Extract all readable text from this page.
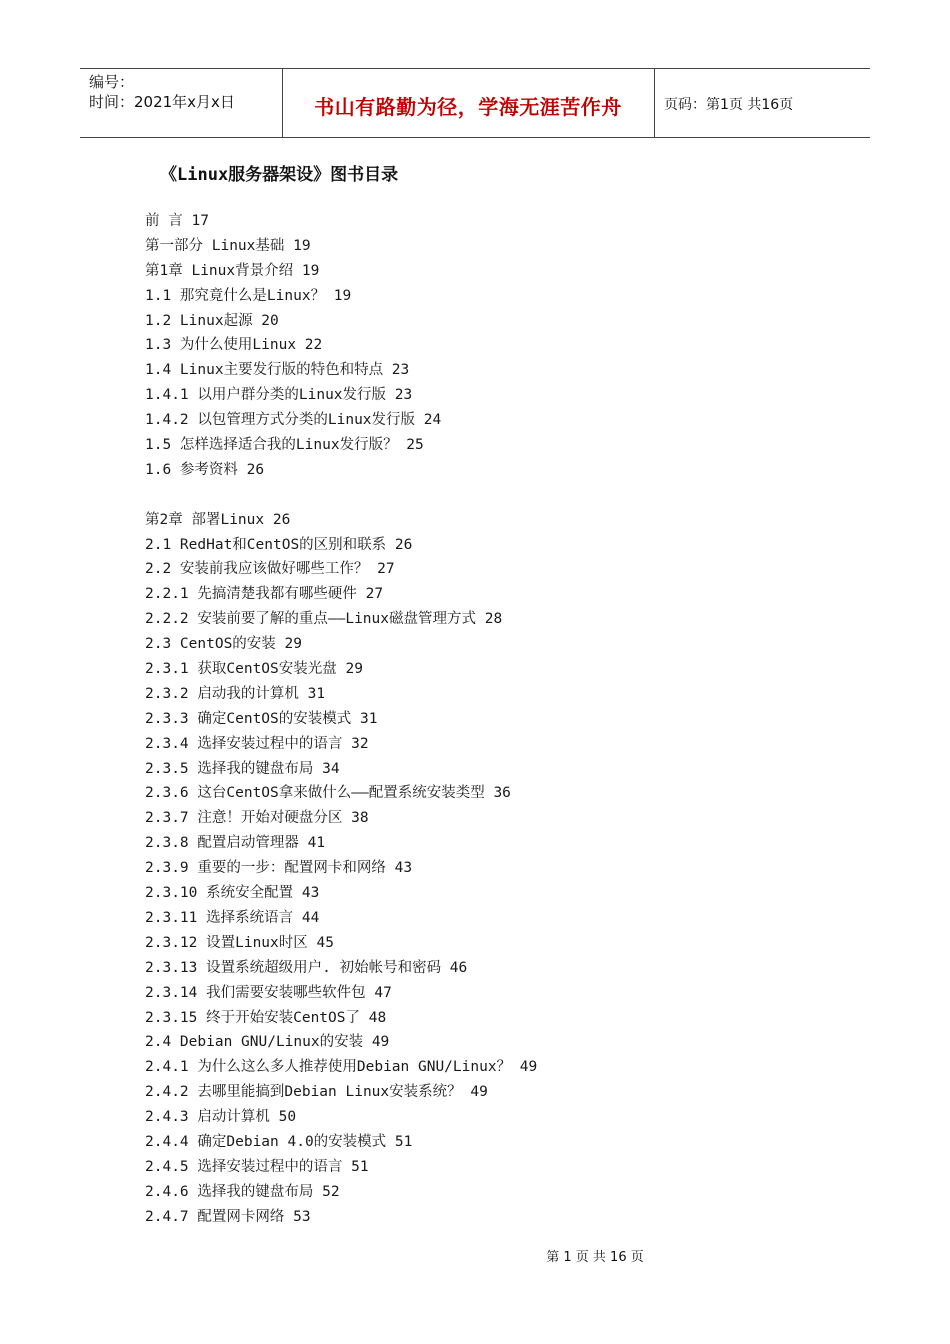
编号：
时间：2021年x月x日	书山有路勤为径，学海无涯苦作舟	页码：第1页 共16页
《Linux服务器架设》图书目录
前 言 17
第一部分 Linux基础 19
第1章 Linux背景介绍 19
1.1 那究竟什么是Linux？ 19
1.2 Linux起源 20
1.3 为什么使用Linux 22
1.4 Linux主要发行版的特色和特点 23
1.4.1 以用户群分类的Linux发行版 23
1.4.2 以包管理方式分类的Linux发行版 24
1.5 怎样选择适合我的Linux发行版？ 25
1.6 参考资料 26
第2章 部署Linux 26
2.1 RedHat和CentOS的区别和联系 26
2.2 安装前我应该做好哪些工作？ 27
2.2.1 先搞清楚我都有哪些硬件 27
2.2.2 安装前要了解的重点——Linux磁盘管理方式 28
2.3 CentOS的安装 29
2.3.1 获取CentOS安装光盘 29
2.3.2 启动我的计算机 31
2.3.3 确定CentOS的安装模式 31
2.3.4 选择安装过程中的语言 32
2.3.5 选择我的键盘布局 34
2.3.6 这台CentOS拿来做什么——配置系统安装类型 36
2.3.7 注意！开始对硬盘分区 38
2.3.8 配置启动管理器 41
2.3.9 重要的一步：配置网卡和网络 43
2.3.10 系统安全配置 43
2.3.11 选择系统语言 44
2.3.12 设置Linux时区 45
2.3.13 设置系统超级用户. 初始帐号和密码 46
2.3.14 我们需要安装哪些软件包 47
2.3.15 终于开始安装CentOS了 48
2.4 Debian GNU/Linux的安装 49
2.4.1 为什么这么多人推荐使用Debian GNU/Linux？ 49
2.4.2 去哪里能搞到Debian Linux安装系统？ 49
2.4.3 启动计算机 50
2.4.4 确定Debian 4.0的安装模式 51
2.4.5 选择安装过程中的语言 51
2.4.6 选择我的键盘布局 52
2.4.7 配置网卡网络 53
第 1 页 共 16 页
